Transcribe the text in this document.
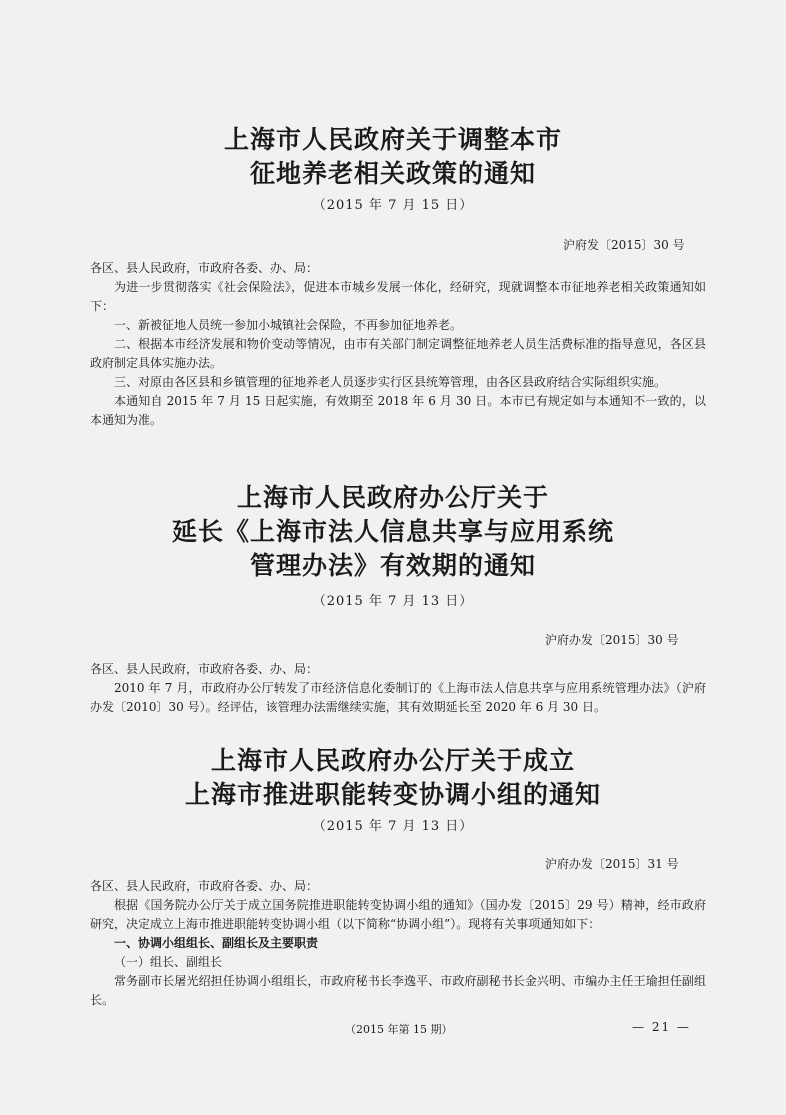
上海市人民政府关于调整本市
征地养老相关政策的通知
（2015 年 7 月 15 日）
沪府发〔2015〕30 号

各区、县人民政府，市政府各委、办、局：

为进一步贯彻落实《社会保险法》，促进本市城乡发展一体化，经研究，现就调整本市征地养老相关政策通知如下：

一、新被征地人员统一参加小城镇社会保险，不再参加征地养老。

二、根据本市经济发展和物价变动等情况，由市有关部门制定调整征地养老人员生活费标准的指导意见，各区县政府制定具体实施办法。

三、对原由各区县和乡镇管理的征地养老人员逐步实行区县统筹管理，由各区县政府结合实际组织实施。

本通知自 2015 年 7 月 15 日起实施，有效期至 2018 年 6 月 30 日。本市已有规定如与本通知不一致的，以本通知为准。

上海市人民政府办公厅关于
延长《上海市法人信息共享与应用系统
管理办法》有效期的通知
（2015 年 7 月 13 日）
沪府办发〔2015〕30 号

各区、县人民政府，市政府各委、办、局：

2010 年 7 月，市政府办公厅转发了市经济信息化委制订的《上海市法人信息共享与应用系统管理办法》（沪府办发〔2010〕30 号）。经评估，该管理办法需继续实施，其有效期延长至 2020 年 6 月 30 日。

上海市人民政府办公厅关于成立
上海市推进职能转变协调小组的通知
（2015 年 7 月 13 日）
沪府办发〔2015〕31 号

各区、县人民政府，市政府各委、办、局：

根据《国务院办公厅关于成立国务院推进职能转变协调小组的通知》（国办发〔2015〕29 号）精神，经市政府研究，决定成立上海市推进职能转变协调小组（以下简称“协调小组”）。现将有关事项通知如下：

一、协调小组组长、副组长及主要职责

（一）组长、副组长

常务副市长屠光绍担任协调小组组长，市政府秘书长李逸平、市政府副秘书长金兴明、市编办主任王瑜担任副组长。

（2015 年第 15 期）	— 21 —
